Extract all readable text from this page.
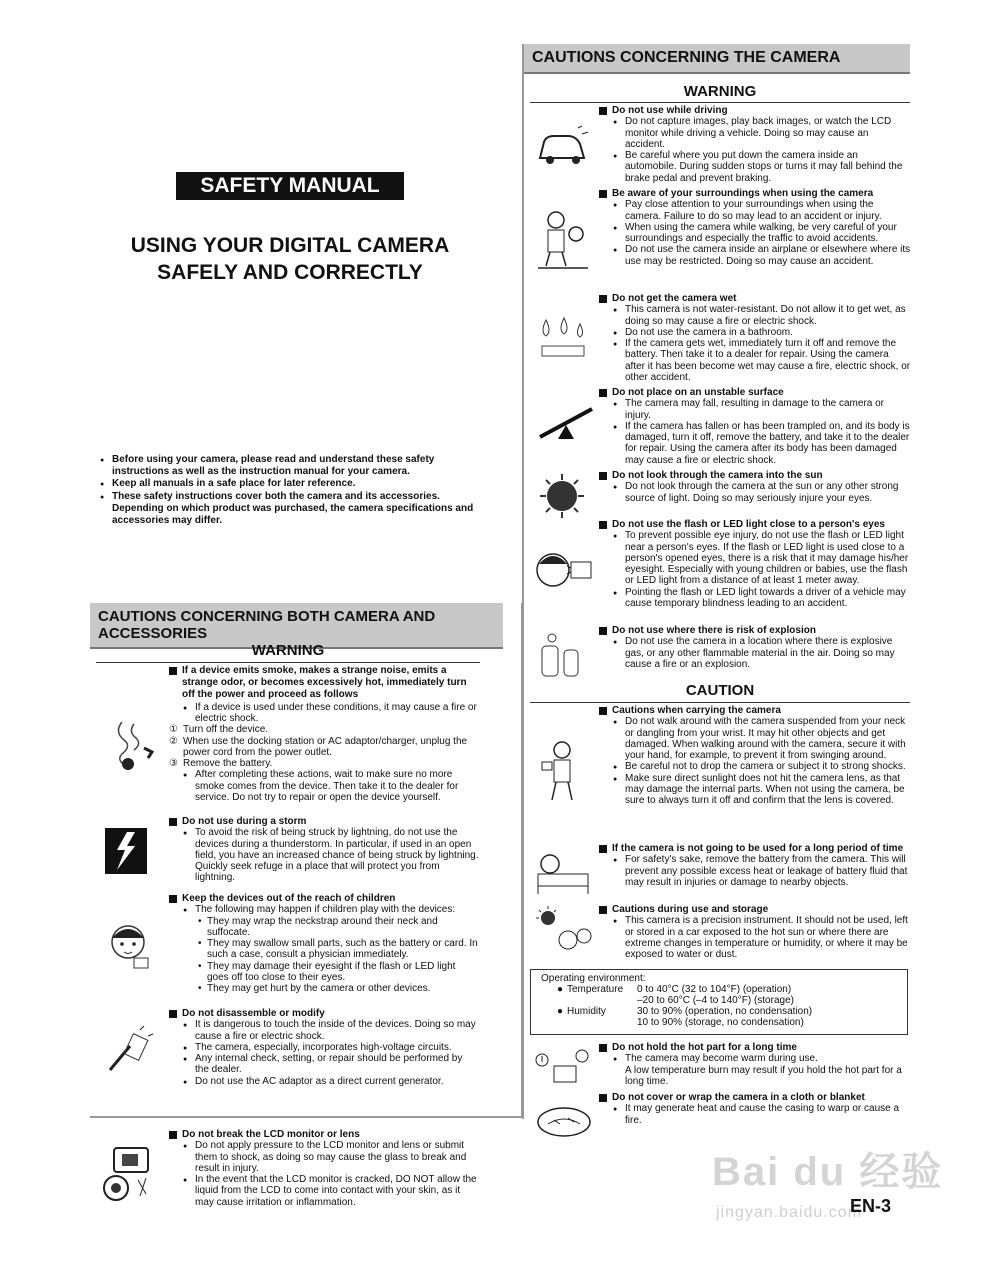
SAFETY MANUAL
USING YOUR DIGITAL CAMERA
SAFELY AND CORRECTLY
● Before using your camera, please read and understand these safety instructions as well as the instruction manual for your camera.
● Keep all manuals in a safe place for later reference.
● These safety instructions cover both the camera and its accessories. Depending on which product was purchased, the camera specifications and accessories may differ.
CAUTIONS CONCERNING BOTH CAMERA AND ACCESSORIES
WARNING
If a device emits smoke, makes a strange noise, emits a strange odor, or becomes excessively hot, immediately turn off the power and proceed as follows
● If a device is used under these conditions, it may cause a fire or electric shock.
① Turn off the device.
② When use the docking station or AC adaptor/charger, unplug the power cord from the power outlet.
③ Remove the battery.
● After completing these actions, wait to make sure no more smoke comes from the device. Then take it to the dealer for service. Do not try to repair or open the device yourself.
Do not use during a storm
● To avoid the risk of being struck by lightning, do not use the devices during a thunderstorm. In particular, if used in an open field, you have an increased chance of being struck by lightning. Quickly seek refuge in a place that will protect you from lightning.
Keep the devices out of the reach of children
● The following may happen if children play with the devices:
• They may wrap the neckstrap around their neck and suffocate.
• They may swallow small parts, such as the battery or card. In such a case, consult a physician immediately.
• They may damage their eyesight if the flash or LED light goes off too close to their eyes.
• They may get hurt by the camera or other devices.
Do not disassemble or modify
● It is dangerous to touch the inside of the devices. Doing so may cause a fire or electric shock.
● The camera, especially, incorporates high-voltage circuits.
● Any internal check, setting, or repair should be performed by the dealer.
● Do not use the AC adaptor as a direct current generator.
Do not break the LCD monitor or lens
● Do not apply pressure to the LCD monitor and lens or submit them to shock, as doing so may cause the glass to break and result in injury.
● In the event that the LCD monitor is cracked, DO NOT allow the liquid from the LCD to come into contact with your skin, as it may cause irritation or inflammation.
CAUTIONS CONCERNING THE CAMERA
WARNING
Do not use while driving
● Do not capture images, play back images, or watch the LCD monitor while driving a vehicle. Doing so may cause an accident.
● Be careful where you put down the camera inside an automobile. During sudden stops or turns it may fall behind the brake pedal and prevent braking.
Be aware of your surroundings when using the camera
● Pay close attention to your surroundings when using the camera. Failure to do so may lead to an accident or injury.
● When using the camera while walking, be very careful of your surroundings and especially the traffic to avoid accidents.
● Do not use the camera inside an airplane or elsewhere where its use may be restricted. Doing so may cause an accident.
Do not get the camera wet
● This camera is not water-resistant. Do not allow it to get wet, as doing so may cause a fire or electric shock.
● Do not use the camera in a bathroom.
● If the camera gets wet, immediately turn it off and remove the battery. Then take it to a dealer for repair. Using the camera after it has been become wet may cause a fire, electric shock, or other accident.
Do not place on an unstable surface
● The camera may fall, resulting in damage to the camera or injury.
● If the camera has fallen or has been trampled on, and its body is damaged, turn it off, remove the battery, and take it to the dealer for repair. Using the camera after its body has been damaged may cause a fire or electric shock.
Do not look through the camera into the sun
● Do not look through the camera at the sun or any other strong source of light. Doing so may seriously injure your eyes.
Do not use the flash or LED light close to a person's eyes
● To prevent possible eye injury, do not use the flash or LED light near a person's eyes. If the flash or LED light is used close to a person's opened eyes, there is a risk that it may damage his/her eyesight. Especially with young children or babies, use the flash or LED light from a distance of at least 1 meter away.
● Pointing the flash or LED light towards a driver of a vehicle may cause temporary blindness leading to an accident.
Do not use where there is risk of explosion
● Do not use the camera in a location where there is explosive gas, or any other flammable material in the air. Doing so may cause a fire or an explosion.
CAUTION
Cautions when carrying the camera
● Do not walk around with the camera suspended from your neck or dangling from your wrist. It may hit other objects and get damaged. When walking around with the camera, secure it with your hand, for example, to prevent it from swinging around.
● Be careful not to drop the camera or subject it to strong shocks.
● Make sure direct sunlight does not hit the camera lens, as that may damage the internal parts. When not using the camera, be sure to always turn it off and confirm that the lens is covered.
If the camera is not going to be used for a long period of time
● For safety's sake, remove the battery from the camera. This will prevent any possible excess heat or leakage of battery fluid that may result in injuries or damage to nearby objects.
Cautions during use and storage
● This camera is a precision instrument. It should not be used, left or stored in a car exposed to the hot sun or where there are extreme changes in temperature or humidity, or where it may be exposed to water or dust.
Operating environment:
● Temperature 0 to 40°C (32 to 104°F) (operation)
–20 to 60°C (–4 to 140°F) (storage)
● Humidity	30 to 90% (operation, no condensation)
10 to 90% (storage, no condensation)
Do not hold the hot part for a long time
● The camera may become warm during use.
A low temperature burn may result if you hold the hot part for a long time.
Do not cover or wrap the camera in a cloth or blanket
● It may generate heat and cause the casing to warp or cause a fire.
Bai du 经验
jingyan.baidu.com
EN-3
